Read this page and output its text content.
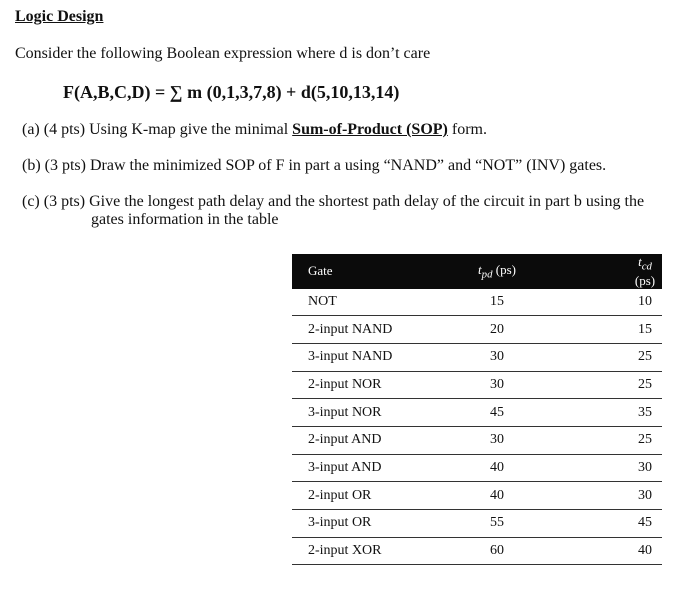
Logic Design
Consider the following Boolean expression where d is don’t care
F(A,B,C,D) = ∑ m (0,1,3,7,8) + d(5,10,13,14)
(a) (4 pts) Using K-map give the minimal Sum-of-Product (SOP) form.
(b) (3 pts) Draw the minimized SOP of F in part a using “NAND” and “NOT” (INV) gates.
(c) (3 pts) Give the longest path delay and the shortest path delay of the circuit in part b using the
gates information in the table
Gate	$t_{pd}$ (ps)	$t_{cd}$ (ps)
NOT	15	10
2-input NAND	20	15
3-input NAND	30	25
2-input NOR	30	25
3-input NOR	45	35
2-input AND	30	25
3-input AND	40	30
2-input OR	40	30
3-input OR	55	45
2-input XOR	60	40
